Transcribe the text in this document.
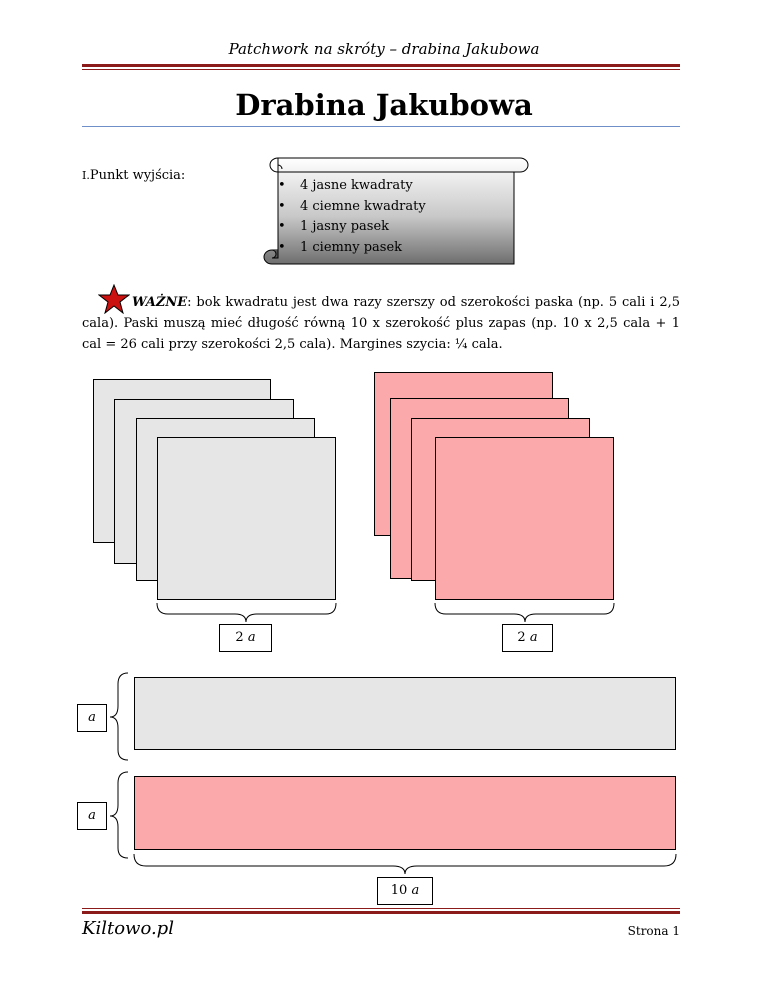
Patchwork na skróty – drabina Jakubowa
Drabina Jakubowa
I.Punkt wyjścia:
• 4 jasne kwadraty
• 4 ciemne kwadraty
• 1 jasny pasek
• 1 ciemny pasek
WAŻNE: bok kwadratu jest dwa razy szerszy od szerokości paska (np. 5 cali i 2,5 cala). Paski muszą mieć długość równą 10 x szerokość plus zapas (np. 10 x 2,5 cala + 1 cal = 26 cali przy szerokości 2,5 cala). Margines szycia: ¼ cala.
2 a	2 a
a
a
10 a
Kiltowo.pl	Strona 1
